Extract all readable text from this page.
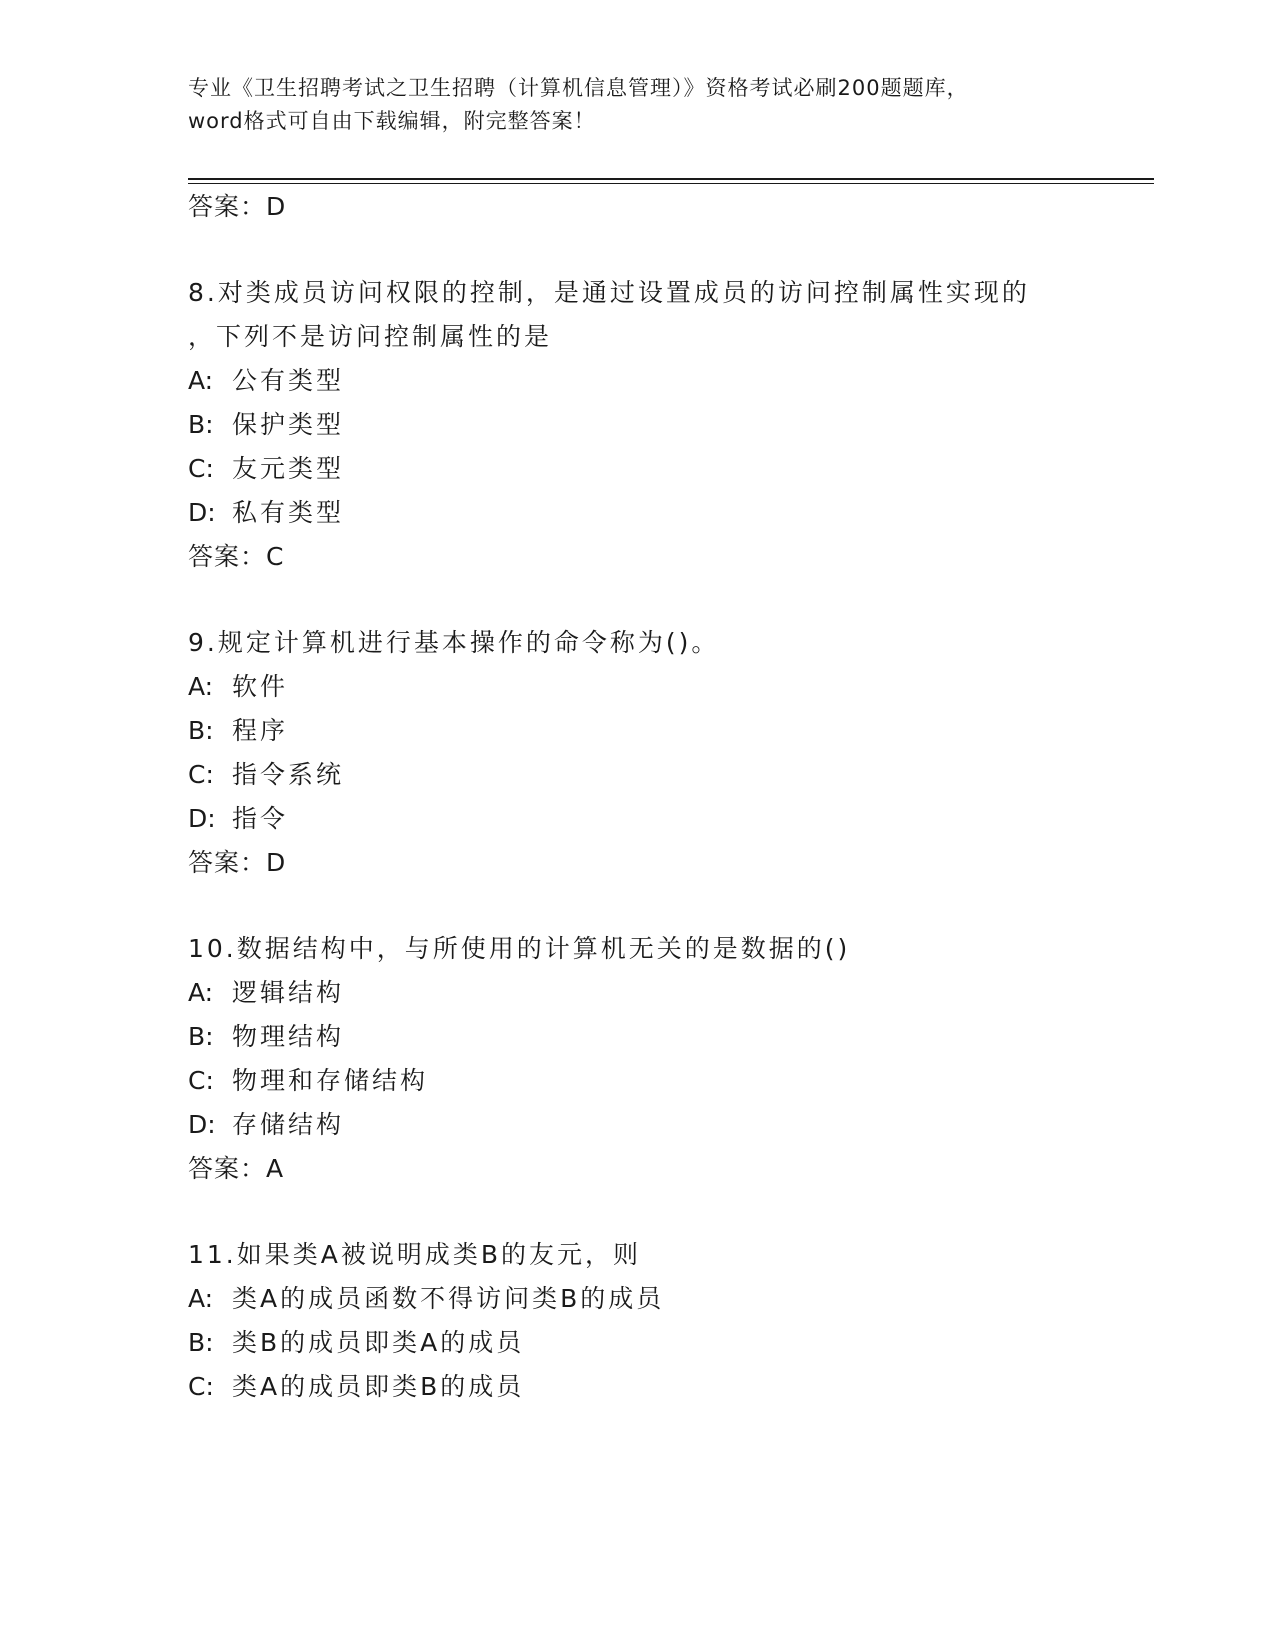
专业《卫生招聘考试之卫生招聘（计算机信息管理）》资格考试必刷200题题库，
word格式可自由下载编辑，附完整答案！
答案：D
8.对类成员访问权限的控制，是通过设置成员的访问控制属性实现的
，下列不是访问控制属性的是
A: 公有类型
B: 保护类型
C: 友元类型
D: 私有类型
答案：C
9.规定计算机进行基本操作的命令称为()。
A: 软件
B: 程序
C: 指令系统
D: 指令
答案：D
10.数据结构中，与所使用的计算机无关的是数据的()
A: 逻辑结构
B: 物理结构
C: 物理和存储结构
D: 存储结构
答案：A
11.如果类A被说明成类B的友元，则
A: 类A的成员函数不得访问类B的成员
B: 类B的成员即类A的成员
C: 类A的成员即类B的成员
